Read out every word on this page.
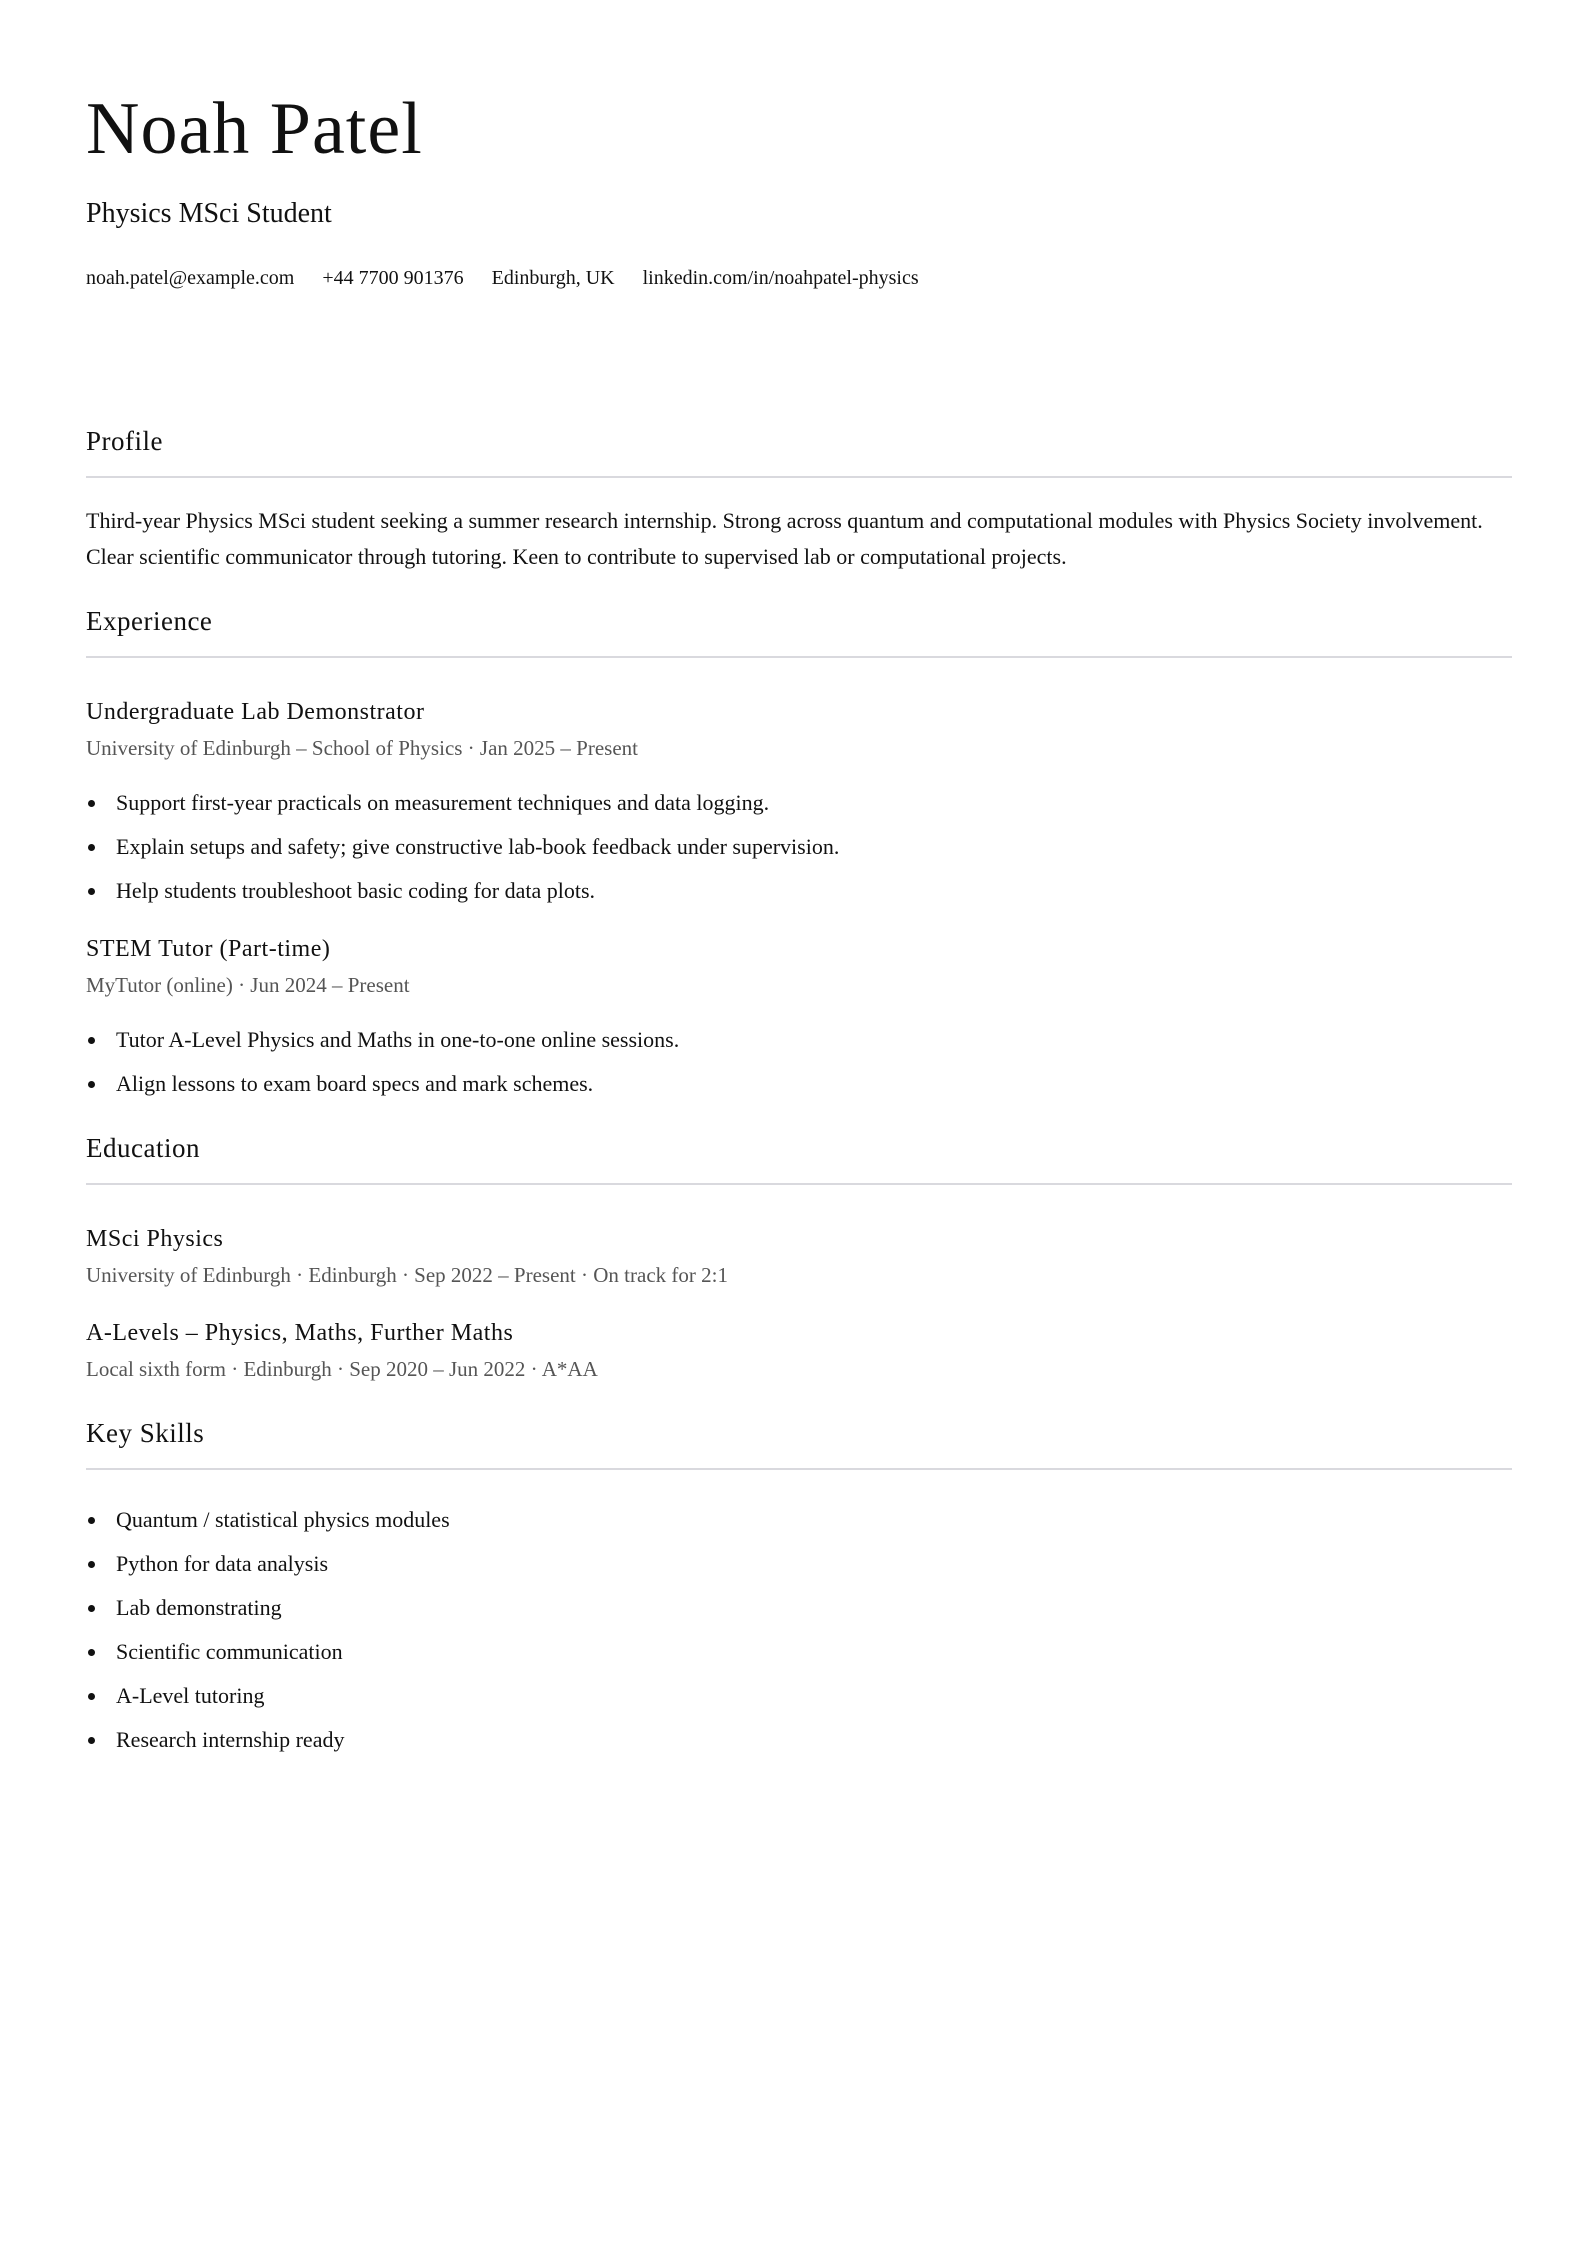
Noah Patel
Physics MSci Student
noah.patel@example.com +44 7700 901376 Edinburgh, UK linkedin.com/in/noahpatel-physics
Profile

Third-year Physics MSci student seeking a summer research internship. Strong across quantum and computational modules with Physics Society involvement. Clear scientific communicator through tutoring. Keen to contribute to supervised lab or computational projects.

Experience
Undergraduate Lab Demonstrator
University of Edinburgh – School of Physics · Jan 2025 – Present
Support first-year practicals on measurement techniques and data logging.
Explain setups and safety; give constructive lab-book feedback under supervision.
Help students troubleshoot basic coding for data plots.
STEM Tutor (Part-time)
MyTutor (online) · Jun 2024 – Present
Tutor A-Level Physics and Maths in one-to-one online sessions.
Align lessons to exam board specs and mark schemes.
Education
MSci Physics
University of Edinburgh · Edinburgh · Sep 2022 – Present · On track for 2:1
A-Levels – Physics, Maths, Further Maths
Local sixth form · Edinburgh · Sep 2020 – Jun 2022 · A*AA
Key Skills
Quantum / statistical physics modules
Python for data analysis
Lab demonstrating
Scientific communication
A-Level tutoring
Research internship ready
